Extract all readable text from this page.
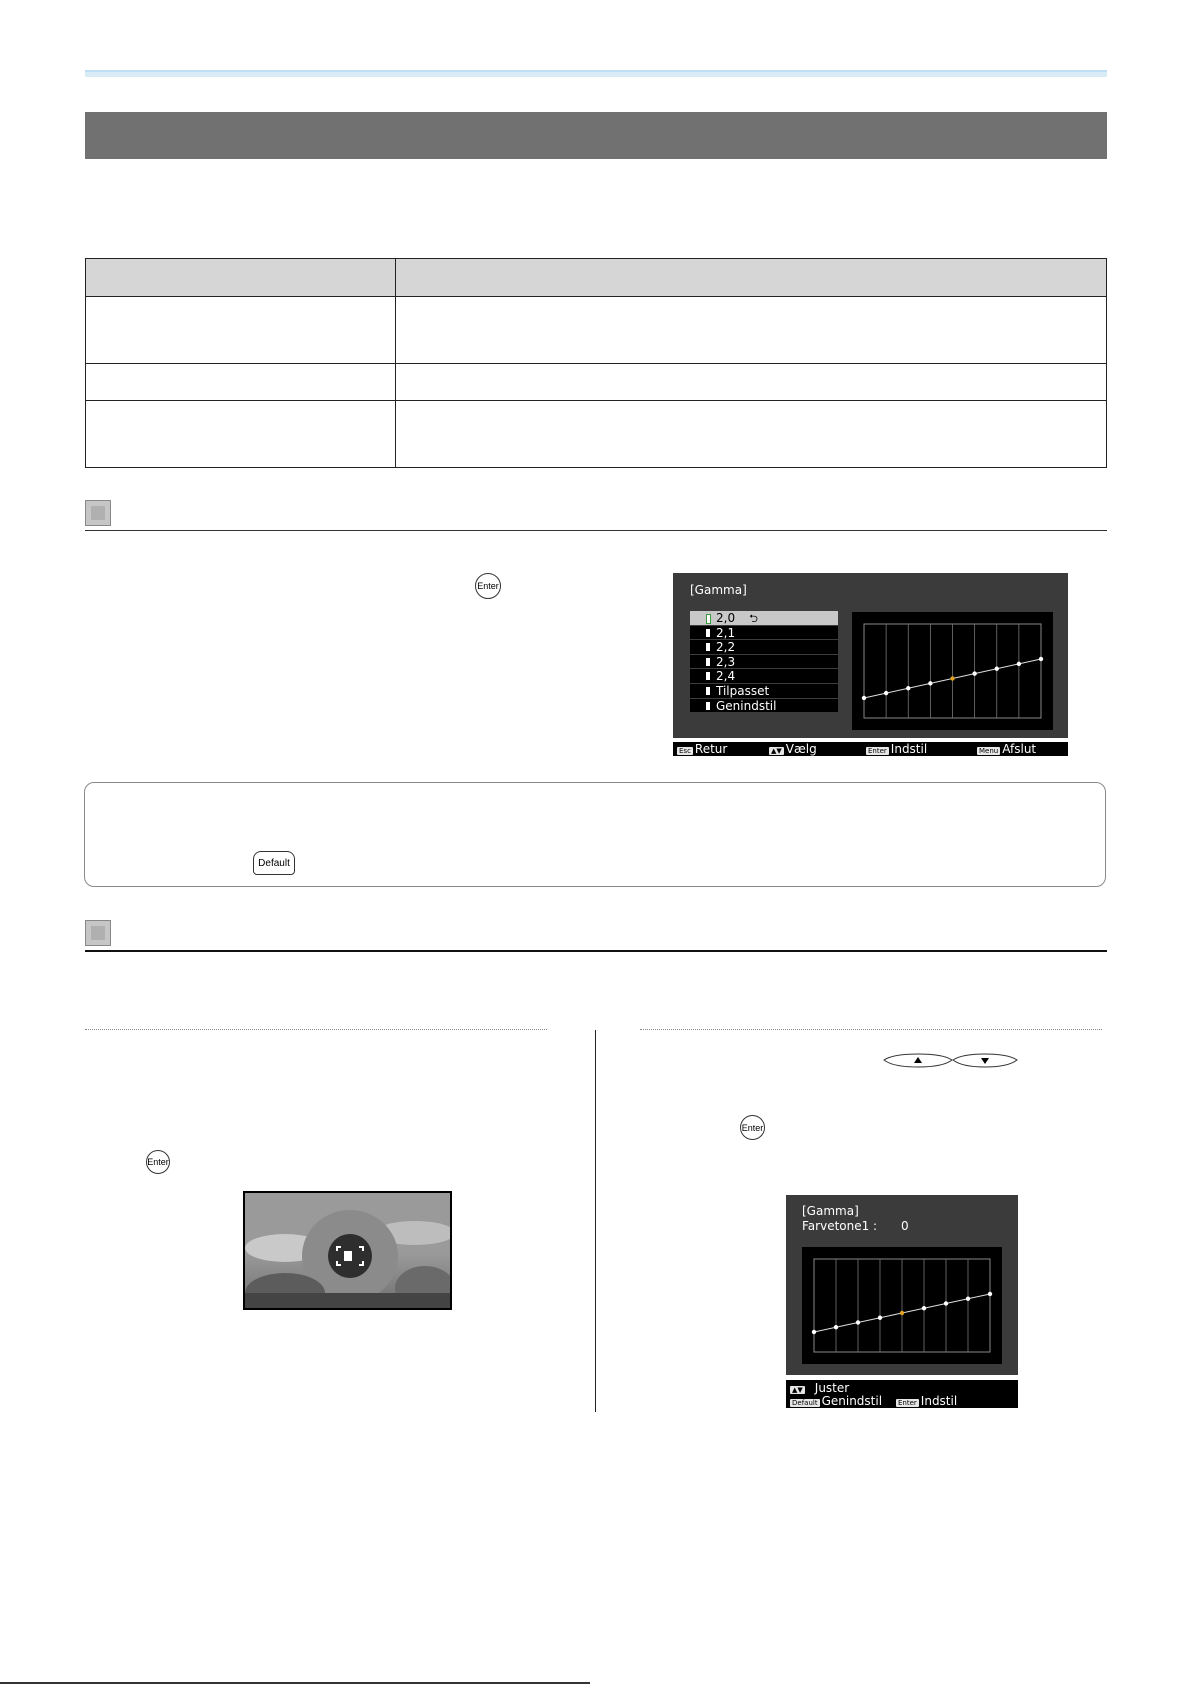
Enter	[Gamma]
2,0 ⮌
2,1
2,2
2,3
2,4
Tilpasset
Genindstil
Esc Retur	▲▼ Vælg	Enter Indstil	Menu Afslut
Default
Enter
Enter
[Gamma]
Farvetone1 : 0
▲▼ Juster
Default Genindstil Enter Indstil
